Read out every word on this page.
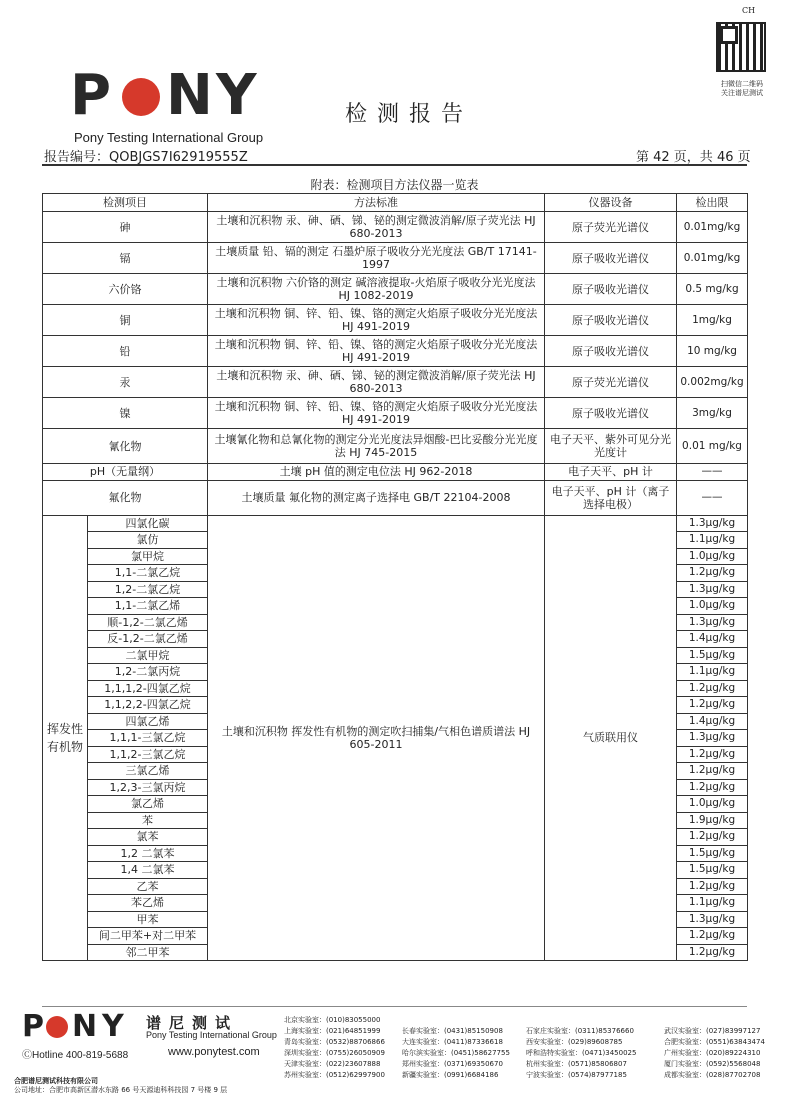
CH
扫微信二维码
关注谱尼测试
P N Y
Pony Testing International Group
检测报告
报告编号：QOBJGS7I62919555Z	第 42 页，共 46 页
附表：检测项目方法仪器一览表
检测项目		方法标准	仪器设备	检出限
砷		土壤和沉积物 汞、砷、硒、锑、铋的测定微波消解/原子荧光法 HJ 680-2013	原子荧光光谱仪	0.01mg/kg
镉		土壤质量 铅、镉的测定 石墨炉原子吸收分光光度法 GB/T 17141-1997	原子吸收光谱仪	0.01mg/kg
六价铬		土壤和沉积物 六价铬的测定 碱溶液提取-火焰原子吸收分光光度法 HJ 1082-2019	原子吸收光谱仪	0.5 mg/kg
铜		土壤和沉积物 铜、锌、铅、镍、铬的测定火焰原子吸收分光光度法 HJ 491-2019	原子吸收光谱仪	1mg/kg
铅		土壤和沉积物 铜、锌、铅、镍、铬的测定火焰原子吸收分光光度法 HJ 491-2019	原子吸收光谱仪	10 mg/kg
汞		土壤和沉积物 汞、砷、硒、锑、铋的测定微波消解/原子荧光法 HJ 680-2013	原子荧光光谱仪	0.002mg/kg
镍		土壤和沉积物 铜、锌、铅、镍、铬的测定火焰原子吸收分光光度法 HJ 491-2019	原子吸收光谱仪	3mg/kg
氰化物		土壤氰化物和总氰化物的测定分光光度法异烟酸-巴比妥酸分光光度法 HJ 745-2015	电子天平、紫外可见分光光度计	0.01 mg/kg
pH（无量纲）		土壤 pH 值的测定电位法 HJ 962-2018	电子天平、pH 计	——
氟化物		土壤质量 氟化物的测定离子选择电 GB/T 22104-2008	电子天平、pH 计（离子选择电极）	——
挥发性有机物	四氯化碳	土壤和沉积物 挥发性有机物的测定吹扫捕集/气相色谱质谱法 HJ 605-2011	气质联用仪	1.3μg/kg
	氯仿			1.1μg/kg
	氯甲烷			1.0μg/kg
	1,1-二氯乙烷			1.2μg/kg
	1,2-二氯乙烷			1.3μg/kg
	1,1-二氯乙烯			1.0μg/kg
	顺-1,2-二氯乙烯			1.3μg/kg
	反-1,2-二氯乙烯			1.4μg/kg
	二氯甲烷			1.5μg/kg
	1,2-二氯丙烷			1.1μg/kg
	1,1,1,2-四氯乙烷			1.2μg/kg
	1,1,2,2-四氯乙烷			1.2μg/kg
	四氯乙烯			1.4μg/kg
	1,1,1-三氯乙烷			1.3μg/kg
	1,1,2-三氯乙烷			1.2μg/kg
	三氯乙烯			1.2μg/kg
	1,2,3-三氯丙烷			1.2μg/kg
	氯乙烯			1.0μg/kg
	苯			1.9μg/kg
	氯苯			1.2μg/kg
	1,2 二氯苯			1.5μg/kg
	1,4 二氯苯			1.5μg/kg
	乙苯			1.2μg/kg
	苯乙烯			1.1μg/kg
	甲苯			1.3μg/kg
	间二甲苯+对二甲苯			1.2μg/kg
	邻二甲苯			1.2μg/kg
P N Y 谱尼测试
Pony Testing International Group
ⒸHotline 400-819-5688	www.ponytest.com
合肥谱尼测试科技有限公司
公司地址：合肥市高新区潜水东路 66 号天源迪科科技园 7 号楼 9 层
北京实验室：(010)83055000
上海实验室：(021)64851999	长春实验室：(0431)85150908	石家庄实验室：(0311)85376660	武汉实验室：(027)83997127
青岛实验室：(0532)88706866 大连实验室：(0411)87336618	西安实验室：(029)89608785	合肥实验室：(0551)63843474
深圳实验室：(0755)26050909 哈尔滨实验室：(0451)58627755 呼和浩特实验室：(0471)3450025	广州实验室：(020)89224310
天津实验室：(022)23607888	郑州实验室：(0371)69350670	杭州实验室：(0571)85806807	厦门实验室：(0592)5568048
苏州实验室：(0512)62997900 新疆实验室：(0991)6684186	宁波实验室：(0574)87977185	成都实验室：(028)87702708
